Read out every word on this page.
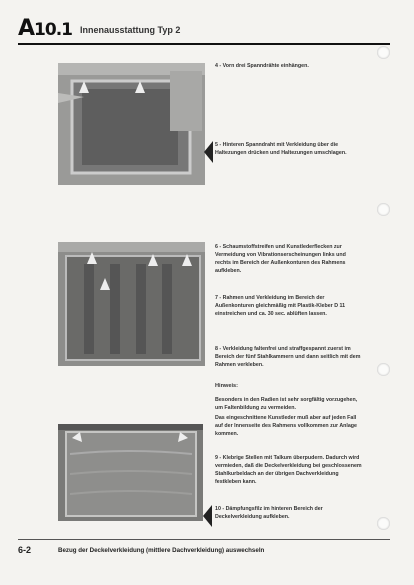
A10.1 Innenausstattung Typ 2
4 - Vorn drei Spanndrähte einhängen.
5 - Hinteren Spanndraht mit Verkleidung über die Haltezungen drücken und Haltezungen umschlagen.
6 - Schaumstoffstreifen und Kunstlederflecken zur Vermeidung von Vibrationserscheinungen links und rechts im Bereich der Außenkonturen des Rahmens aufkleben.
7 - Rahmen und Verkleidung im Bereich der Außenkonturen gleichmäßig mit Plastik-Kleber D 11 einstreichen und ca. 30 sec. ablüften lassen.
8 - Verkleidung faltenfrei und straffgespannt zuerst im Bereich der fünf Stahlkammern und dann seitlich mit dem Rahmen verkleben.
Hinweis:
Besonders in den Radien ist sehr sorgfältig vorzugehen, um Faltenbildung zu vermeiden.
Das eingeschnittene Kunstleder muß aber auf jeden Fall auf der Innenseite des Rahmens vollkommen zur Anlage kommen.
9 - Klebrige Stellen mit Talkum überpudern. Dadurch wird vermieden, daß die Deckelverkleidung bei geschlossenem Stahlkurbeldach an der übrigen Dachverkleidung festkleben kann.
10 - Dämpfungsfilz im hinteren Bereich der Deckelverkleidung aufkleben.
6-2	Bezug der Deckelverkleidung (mittlere Dachverkleidung) auswechseln
